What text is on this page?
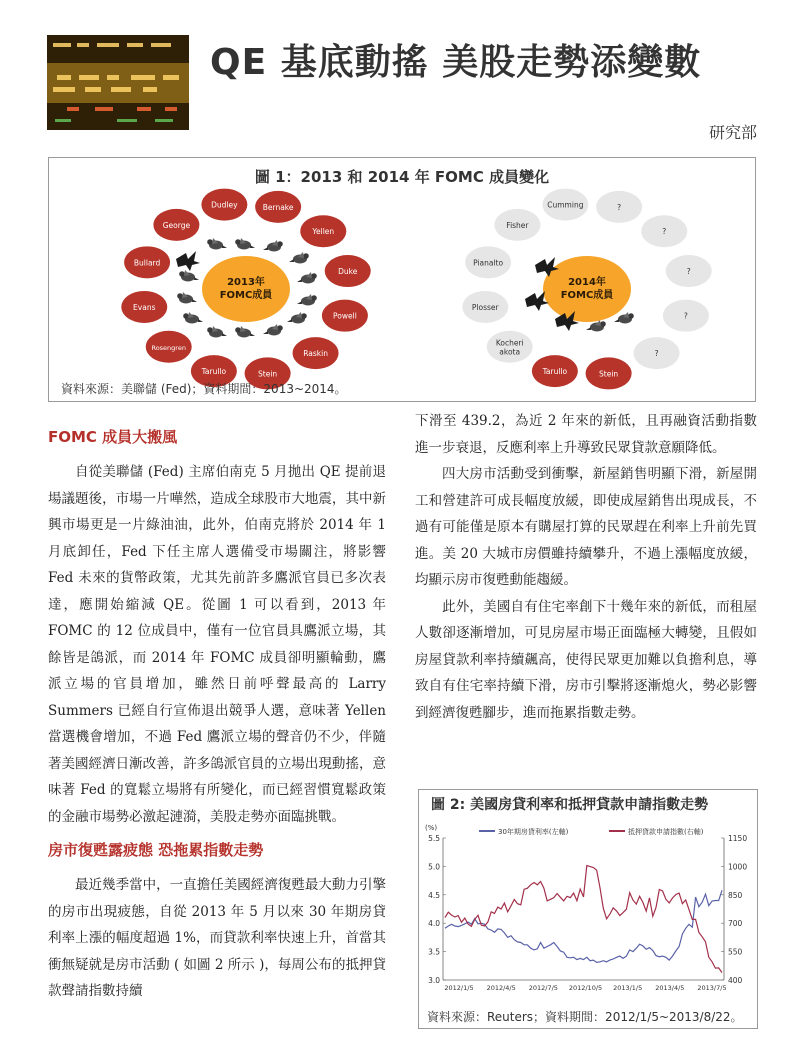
QE 基底動搖 美股走勢添變數
研究部
2013年
FOMC成員
Bernake
Yellen
Duke
Powell
Raskin
Stein
Tarullo
Rosengren
Evans
Bullard
George
Dudley
2014年
FOMC成員
?
?
?
?
?
Stein
Tarullo
Kocheri
akota
Plosser
Pianalto
Fisher
Cumming
圖 1：2013 和 2014 年 FOMC 成員變化
資料來源：美聯儲 (Fed)；資料期間：2013~2014。
FOMC 成員大搬風

自從美聯儲 (Fed) 主席伯南克 5 月拋出 QE 提前退場議題後，市場一片嘩然，造成全球股市大地震，其中新興市場更是一片綠油油，此外，伯南克將於 2014 年 1 月底卸任，Fed 下任主席人選備受市場關注，將影響 Fed 未來的貨幣政策，尤其先前許多鷹派官員已多次表達，應開始縮減 QE。從圖 1 可以看到，2013 年 FOMC 的 12 位成員中，僅有一位官員具鷹派立場，其餘皆是鴿派，而 2014 年 FOMC 成員卻明顯輪動，鷹派立場的官員增加，雖然日前呼聲最高的 Larry Summers 已經自行宣佈退出競爭人選，意味著 Yellen 當選機會增加，不過 Fed 鷹派立場的聲音仍不少，伴隨著美國經濟日漸改善，許多鴿派官員的立場出現動搖，意味著 Fed 的寬鬆立場將有所變化，而已經習慣寬鬆政策的金融市場勢必激起漣漪，美股走勢亦面臨挑戰。

房市復甦露疲態 恐拖累指數走勢

最近幾季當中，一直擔任美國經濟復甦最大動力引擎的房市出現疲態，自從 2013 年 5 月以來 30 年期房貸利率上漲的幅度超過 1%，而貸款利率快速上升，首當其衝無疑就是房市活動 ( 如圖 2 所示 )，每周公布的抵押貸款聲請指數持續

下滑至 439.2，為近 2 年來的新低，且再融資活動指數進一步衰退，反應利率上升導致民眾貸款意願降低。

四大房市活動受到衝擊，新屋銷售明顯下滑，新屋開工和營建許可成長幅度放緩，即使成屋銷售出現成長，不過有可能僅是原本有購屋打算的民眾趕在利率上升前先買進。美 20 大城市房價雖持續攀升，不過上漲幅度放緩，均顯示房市復甦動能趨緩。

此外，美國自有住宅率創下十幾年來的新低，而租屋人數卻逐漸增加，可見房屋市場正面臨極大轉變，且假如房屋貸款利率持續飆高，使得民眾更加難以負擔利息，導致自有住宅率持續下滑，房市引擊將逐漸熄火，勢必影響到經濟復甦腳步，進而拖累指數走勢。

圖 2: 美國房貸利率和抵押貸款申請指數走勢
(%)	30年期房貸利率(左軸)	抵押貸款申請指數(右軸)
3.0
3.5
4.0
4.5
5.0
5.5
400
550
700
850
1000
1150
2012/1/5 2012/4/5 2012/7/5 2012/10/5 2013/1/5 2013/4/5 2013/7/5
資料來源：Reuters；資料期間：2012/1/5~2013/8/22。
